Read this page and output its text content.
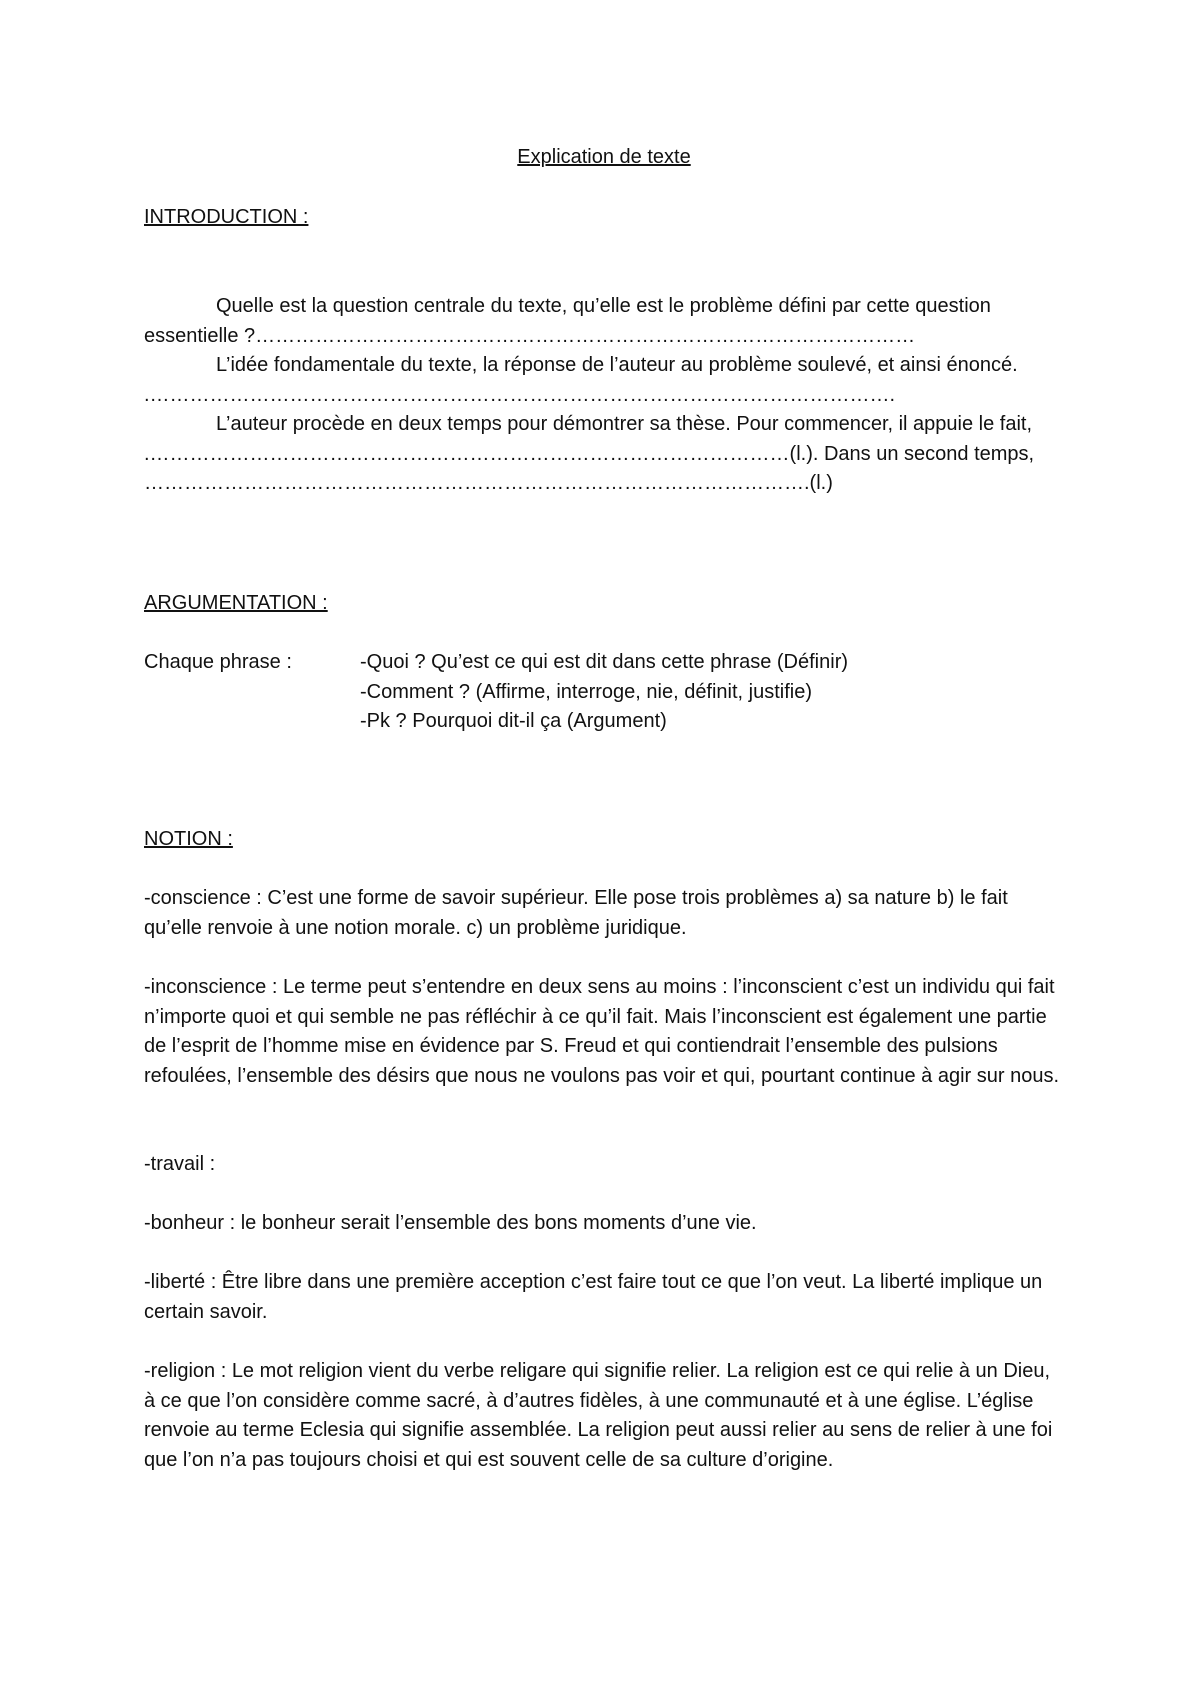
Explication de texte
INTRODUCTION :

Quelle est la question centrale du texte, qu’elle est le problème défini par cette question essentielle ?………………………………………………………………………………………

L’idée fondamentale du texte, la réponse de l’auteur au problème soulevé, et ainsi énoncé. .………………………………………………………………………………………………….

L’auteur procède en deux temps pour démontrer sa thèse. Pour commencer, il appuie le fait, .……………………………………………………………………………………(l.). Dans un second temps, ……………………………………………………………………………………….(l.)

ARGUMENTATION :
Chaque phrase :	-Quoi ? Qu’est ce qui est dit dans cette phrase (Définir)
-Comment ? (Affirme, interroge, nie, définit, justifie)
-Pk ? Pourquoi dit-il ça (Argument)
NOTION :

-conscience : C’est une forme de savoir supérieur. Elle pose trois problèmes a) sa nature b) le fait qu’elle renvoie à une notion morale. c) un problème juridique.

-inconscience : Le terme peut s’entendre en deux sens au moins : l’inconscient c’est un individu qui fait n’importe quoi et qui semble ne pas réfléchir à ce qu’il fait. Mais l’inconscient est également une partie de l’esprit de l’homme mise en évidence par S. Freud et qui contiendrait l’ensemble des pulsions refoulées, l’ensemble des désirs que nous ne voulons pas voir et qui, pourtant continue à agir sur nous.

-travail :

-bonheur : le bonheur serait l’ensemble des bons moments d’une vie.

-liberté : Être libre dans une première acception c’est faire tout ce que l’on veut. La liberté implique un certain savoir.

-religion : Le mot religion vient du verbe religare qui signifie relier. La religion est ce qui relie à un Dieu, à ce que l’on considère comme sacré, à d’autres fidèles, à une communauté et à une église. L’église renvoie au terme Eclesia qui signifie assemblée. La religion peut aussi relier au sens de relier à une foi que l’on n’a pas toujours choisi et qui est souvent celle de sa culture d’origine.
